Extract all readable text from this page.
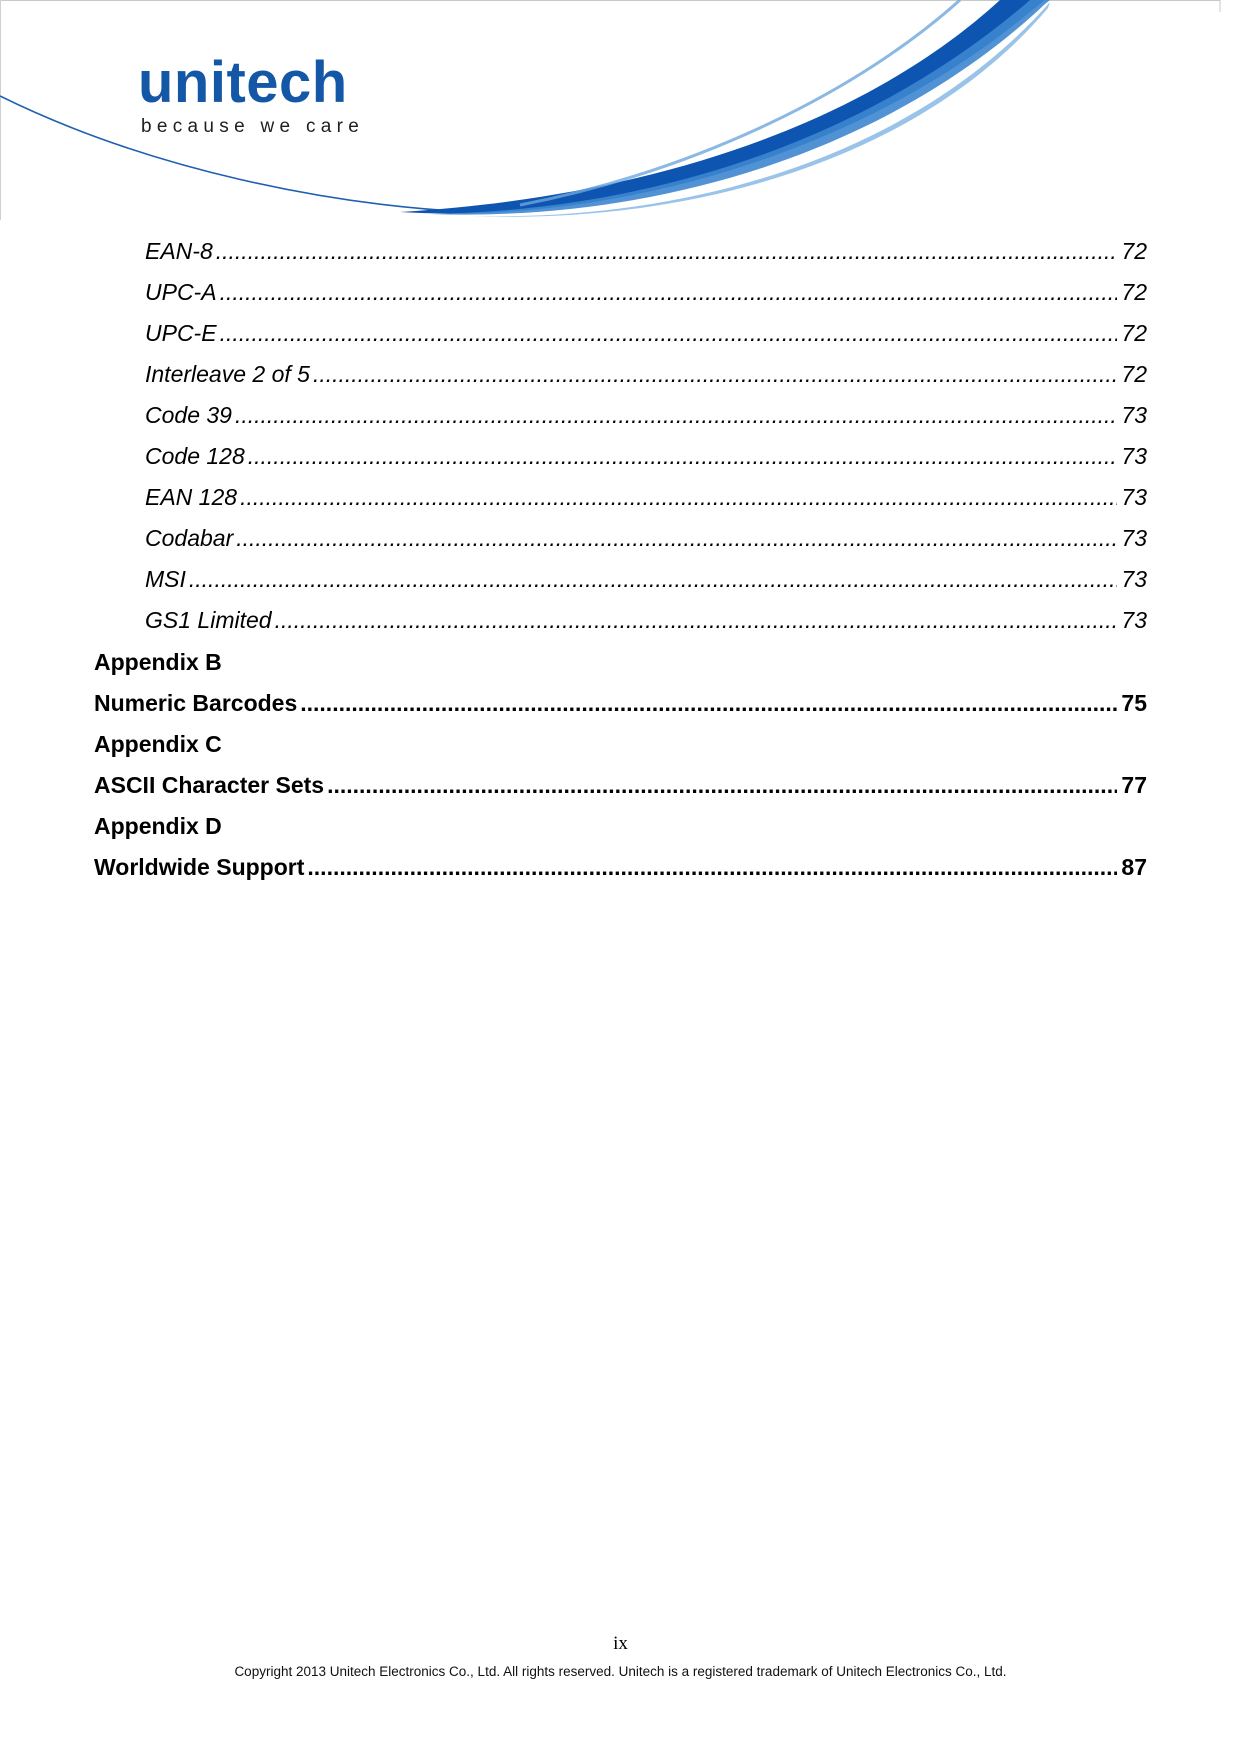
unitech
because we care
EAN-8 .....	72
UPC-A .....	72
UPC-E .....	72
Interleave 2 of 5 .....	72
Code 39 .....	73
Code 128 .....	73
EAN 128 .....	73
Codabar .....	73
MSI .....	73
GS1 Limited .....	73
Appendix B
Numeric Barcodes .....	75
Appendix C
ASCII Character Sets .....	77
Appendix D
Worldwide Support .....	87
ix
Copyright 2013 Unitech Electronics Co., Ltd. All rights reserved. Unitech is a registered trademark of Unitech Electronics Co., Ltd.
